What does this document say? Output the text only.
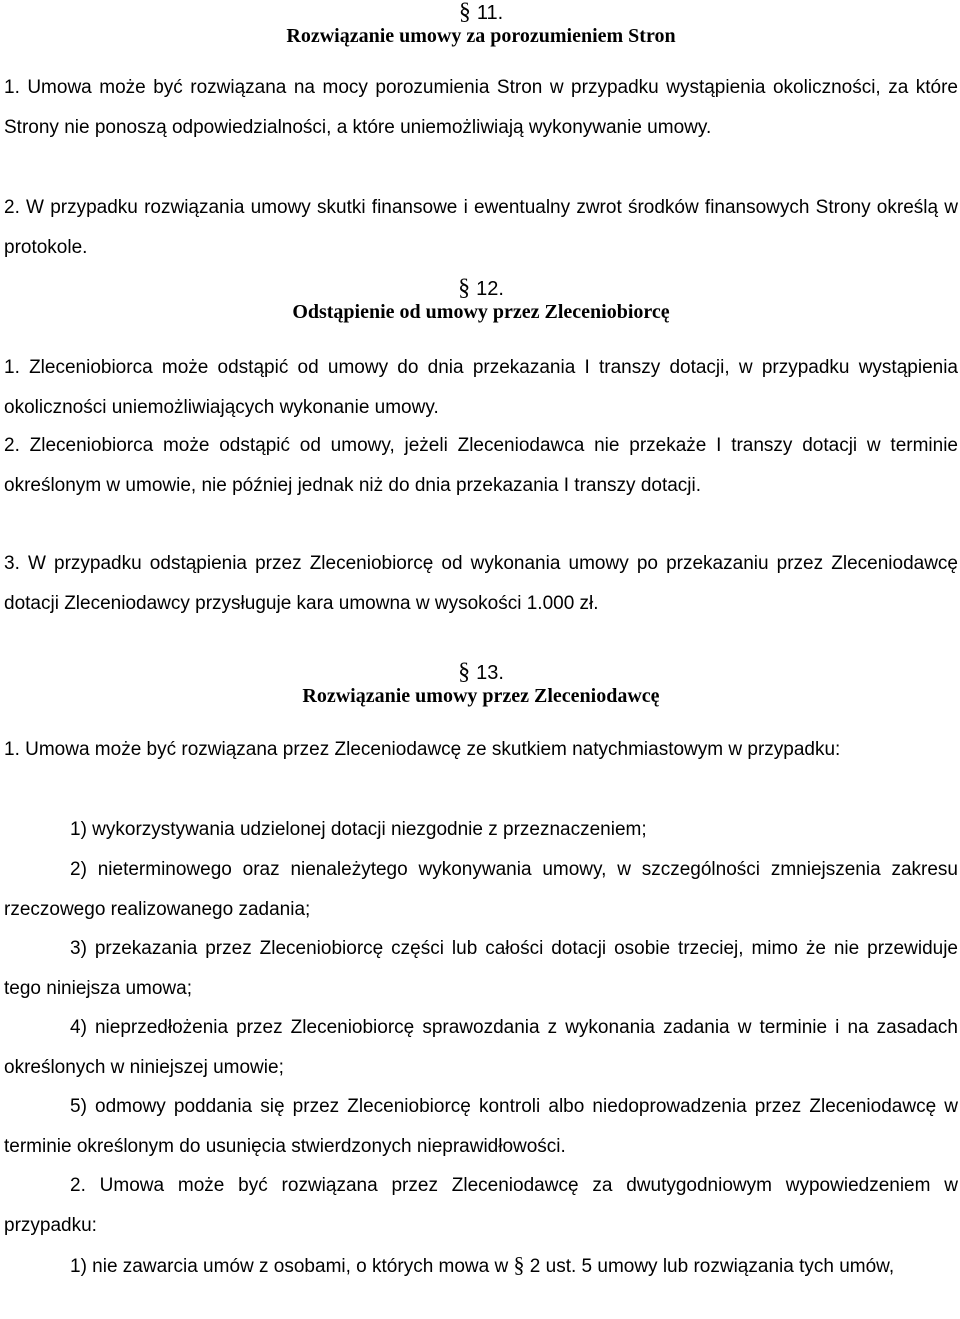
§ 11.
Rozwiązanie umowy za porozumieniem Stron

1. Umowa może być rozwiązana na mocy porozumienia Stron w przypadku wystąpienia okoliczności, za które Strony nie ponoszą odpowiedzialności, a które uniemożliwiają wykonywanie umowy.

2. W przypadku rozwiązania umowy skutki finansowe i ewentualny zwrot środków finansowych Strony określą w protokole.

§ 12.
Odstąpienie od umowy przez Zleceniobiorcę

1. Zleceniobiorca może odstąpić od umowy do dnia przekazania I transzy dotacji, w przypadku wystąpienia okoliczności uniemożliwiających wykonanie umowy.

2. Zleceniobiorca może odstąpić od umowy, jeżeli Zleceniodawca nie przekaże I transzy dotacji w terminie określonym w umowie, nie później jednak niż do dnia przekazania I transzy dotacji.

3. W przypadku odstąpienia przez Zleceniobiorcę od wykonania umowy po przekazaniu przez Zleceniodawcę dotacji Zleceniodawcy przysługuje kara umowna w wysokości 1.000 zł.

§ 13.
Rozwiązanie umowy przez Zleceniodawcę

1. Umowa może być rozwiązana przez Zleceniodawcę ze skutkiem natychmiastowym w przypadku:

1) wykorzystywania udzielonej dotacji niezgodnie z przeznaczeniem;

2) nieterminowego oraz nienależytego wykonywania umowy, w szczególności zmniejszenia zakresu rzeczowego realizowanego zadania;

3) przekazania przez Zleceniobiorcę części lub całości dotacji osobie trzeciej, mimo że nie przewiduje tego niniejsza umowa;

4) nieprzedłożenia przez Zleceniobiorcę sprawozdania z wykonania zadania w terminie i na zasadach określonych w niniejszej umowie;

5) odmowy poddania się przez Zleceniobiorcę kontroli albo niedoprowadzenia przez Zleceniodawcę w terminie określonym do usunięcia stwierdzonych nieprawidłowości.

2. Umowa może być rozwiązana przez Zleceniodawcę za dwutygodniowym wypowiedzeniem w przypadku:

1) nie zawarcia umów z osobami, o których mowa w § 2 ust. 5 umowy lub rozwiązania tych umów,
